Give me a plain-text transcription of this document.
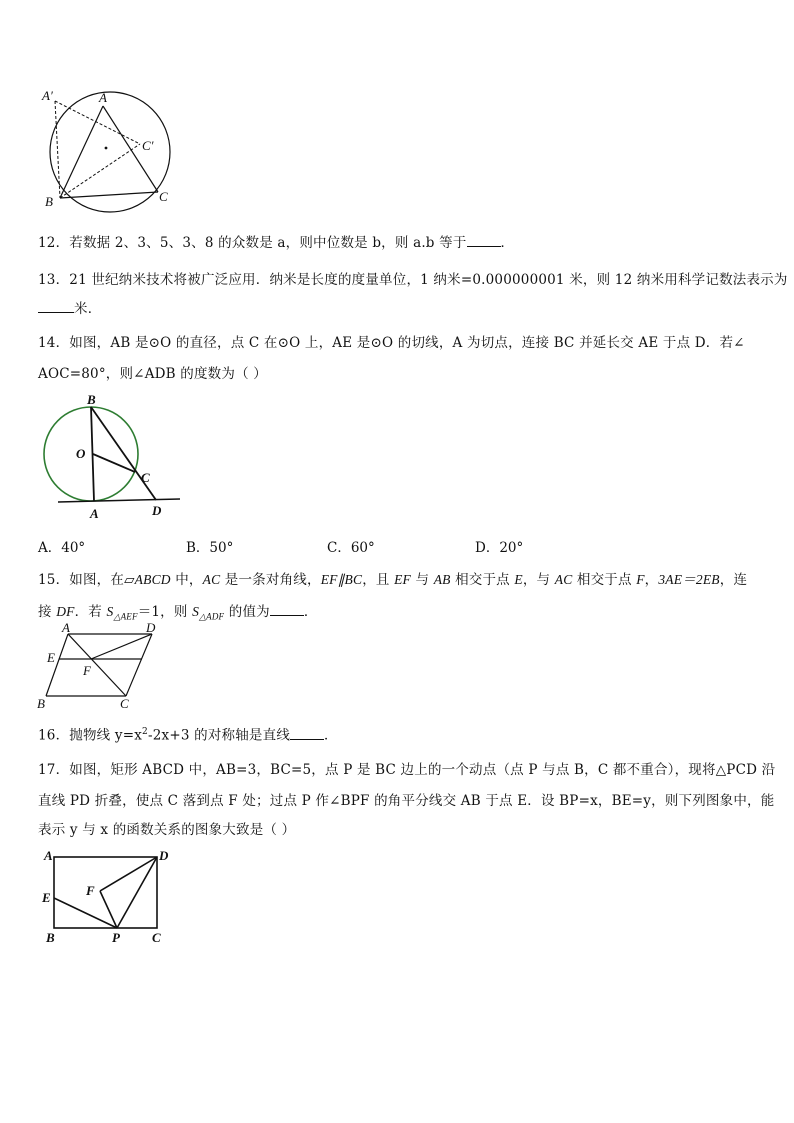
A′	A
C′
B	C
12．若数据 2、3、5、3、8 的众数是 a，则中位数是 b，则 a.b 等于	．
13．21 世纪纳米技术将被广泛应用．纳米是长度的度量单位，1 纳米=0.000000001 米，则 12 纳米用科学记数法表示为
米．
14．如图，AB 是⊙O 的直径，点 C 在⊙O 上，AE 是⊙O 的切线，A 为切点，连接 BC 并延长交 AE 于点 D．若∠
AOC=80°，则∠ADB 的度数为（ ）
B
O
C
A	D
A．40°	B．50°	C．60°	D．20°
15．如图，在▱ABCD 中，AC 是一条对角线，EF∥BC，且 EF 与 AB 相交于点 E，与 AC 相交于点 F，3AE＝2EB，连
接 DF．若 $S_{\triangle AEF}=1$，则 $S_{\triangle ADF}$ 的值为	．
A	D
E
F
B	C
16．抛物线 $y=x^2-2x+3$ 的对称轴是直线	．
17．如图，矩形 ABCD 中，AB=3，BC=5，点 P 是 BC 边上的一个动点（点 P 与点 B，C 都不重合），现将△PCD 沿
直线 PD 折叠，使点 C 落到点 F 处；过点 P 作∠BPF 的角平分线交 AB 于点 E．设 BP=x，BE=y，则下列图象中，能
表示 y 与 x 的函数关系的图象大致是（ ）
A	D
E	F
B	P C
